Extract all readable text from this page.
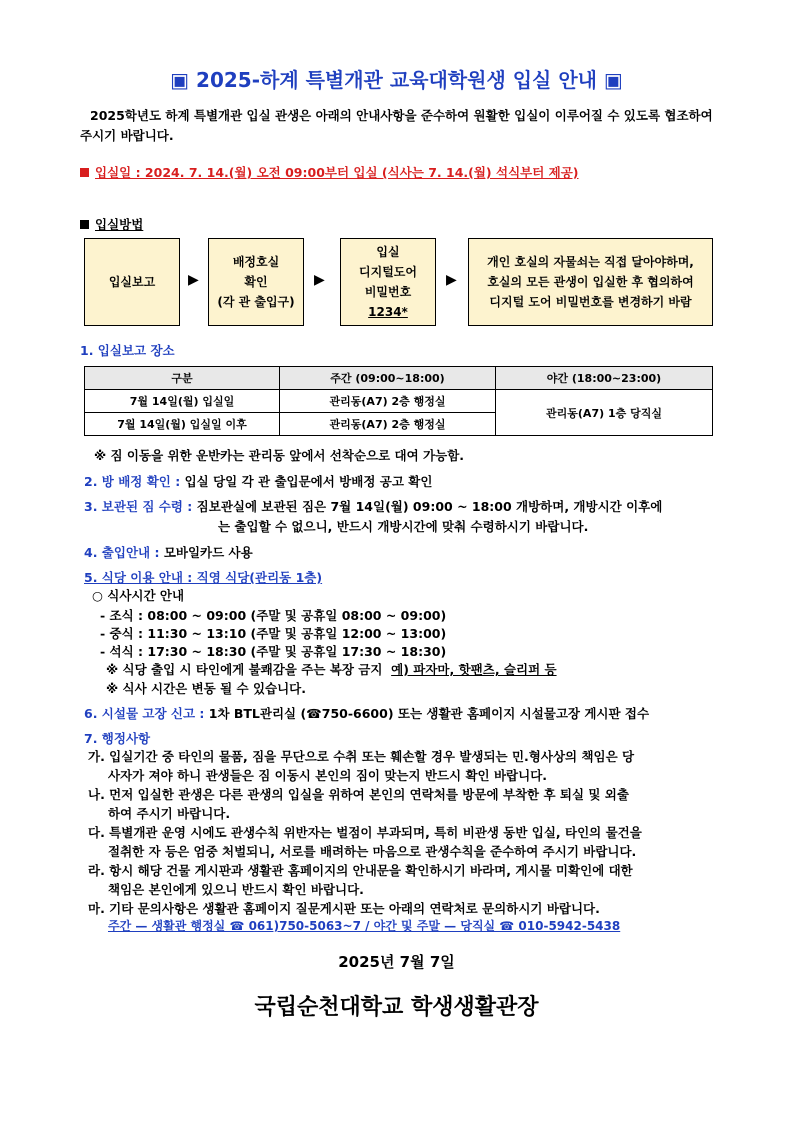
▣ 2025-하계 특별개관 교육대학원생 입실 안내 ▣
2025학년도 하계 특별개관 입실 관생은 아래의 안내사항을 준수하여 원활한 입실이 이루어질 수 있도록 협조하여 주시기 바랍니다.
입실일 : 2024. 7. 14.(월) 오전 09:00부터 입실 (식사는 7. 14.(월) 석식부터 제공)
입실방법
입실보고 ▶
배정호실
확인
(각 관 출입구)
▶
입실
디지털도어
비밀번호
1234*
▶
개인 호실의 자물쇠는 직접 달아야하며,
호실의 모든 관생이 입실한 후 협의하여
디지털 도어 비밀번호를 변경하기 바람
1. 입실보고 장소
구분	주간 (09:00~18:00)	야간 (18:00~23:00)
7월 14일(월) 입실일	관리동(A7) 2층 행정실	관리동(A7) 1층 당직실
7월 14일(월) 입실일 이후	관리동(A7) 2층 행정실	
※ 짐 이동을 위한 운반카는 관리동 앞에서 선착순으로 대여 가능함.
2. 방 배정 확인 : 입실 당일 각 관 출입문에서 방배정 공고 확인
3. 보관된 짐 수령 : 짐보관실에 보관된 짐은 7월 14일(월) 09:00 ~ 18:00 개방하며, 개방시간 이후에
는 출입할 수 없으니, 반드시 개방시간에 맞춰 수령하시기 바랍니다.
4. 출입안내 : 모바일카드 사용
5. 식당 이용 안내 : 직영 식당(관리동 1층)
○ 식사시간 안내
- 조식 : 08:00 ~ 09:00 (주말 및 공휴일 08:00 ~ 09:00)
- 중식 : 11:30 ~ 13:10 (주말 및 공휴일 12:00 ~ 13:00)
- 석식 : 17:30 ~ 18:30 (주말 및 공휴일 17:30 ~ 18:30)
※ 식당 출입 시 타인에게 불쾌감을 주는 복장 금지 예) 파자마, 핫팬츠, 슬리퍼 등
※ 식사 시간은 변동 될 수 있습니다.
6. 시설물 고장 신고 : 1차 BTL관리실 (☎750-6600) 또는 생활관 홈페이지 시설물고장 게시판 접수
7. 행정사항
가. 입실기간 중 타인의 물품, 짐을 무단으로 수취 또는 훼손할 경우 발생되는 민.형사상의 책임은 당
사자가 져야 하니 관생들은 짐 이동시 본인의 짐이 맞는지 반드시 확인 바랍니다.
나. 먼저 입실한 관생은 다른 관생의 입실을 위하여 본인의 연락처를 방문에 부착한 후 퇴실 및 외출
하여 주시기 바랍니다.
다. 특별개관 운영 시에도 관생수칙 위반자는 벌점이 부과되며, 특히 비관생 동반 입실, 타인의 물건을
절취한 자 등은 엄중 처벌되니, 서로를 배려하는 마음으로 관생수칙을 준수하여 주시기 바랍니다.
라. 항시 해당 건물 게시판과 생활관 홈페이지의 안내문을 확인하시기 바라며, 게시물 미확인에 대한
책임은 본인에게 있으니 반드시 확인 바랍니다.
마. 기타 문의사항은 생활관 홈페이지 질문게시판 또는 아래의 연락처로 문의하시기 바랍니다.
주간 — 생활관 행정실 ☎ 061)750-5063~7 / 야간 및 주말 — 당직실 ☎ 010-5942-5438
2025년 7월 7일
국립순천대학교 학생생활관장
